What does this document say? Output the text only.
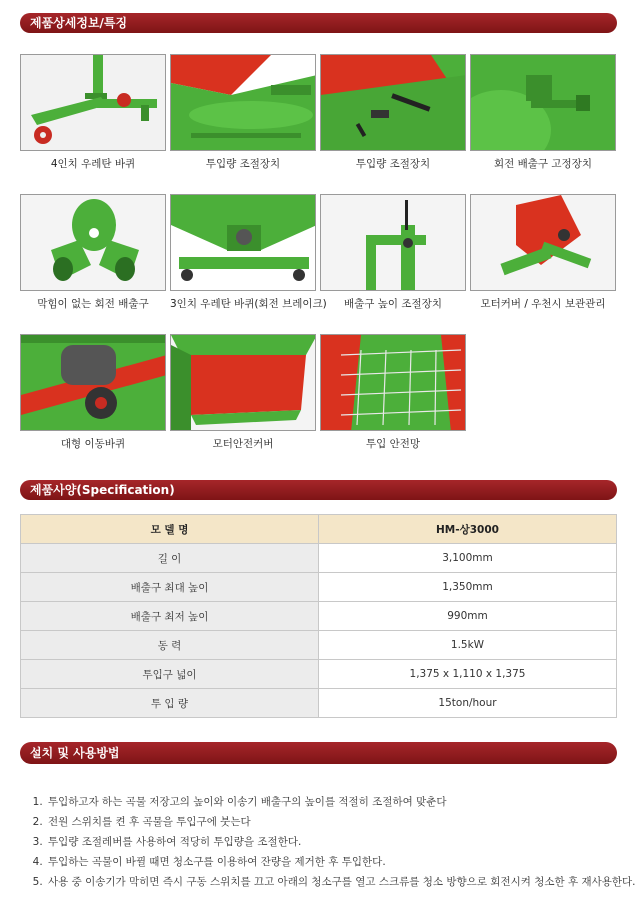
제품상세정보/특징
4인치 우레탄 바퀴	투입량 조절장치	투입량 조절장치	회전 배출구 고정장치
막힘이 없는 회전 배출구	3인치 우레탄 바퀴(회전 브레이크)	배출구 높이 조절장치	모터커버 / 우천시 보관관리
대형 이동바퀴	모터안전커버	투입 안전망
제품사양(Specification)
모 델 명	HM-상3000
길 이	3,100mm
배출구 최대 높이	1,350mm
배출구 최저 높이	990mm
동 력	1.5kW
투입구 넓이	1,375 x 1,110 x 1,375
투 입 량	15ton/hour
설치 및 사용방법
1. 투입하고자 하는 곡물 저장고의 높이와 이송기 배출구의 높이를 적절히 조절하여 맞춘다
2. 전원 스위치를 켠 후 곡물을 투입구에 붓는다
3. 투입량 조절레버를 사용하여 적당히 투입량을 조절한다.
4. 투입하는 곡물이 바뀔 때면 청소구를 이용하여 잔량을 제거한 후 투입한다.
5. 사용 중 이송기가 막히면 즉시 구동 스위치를 끄고 아래의 청소구를 열고 스크류를 청소 방향으로 회전시켜 청소한 후 재사용한다.
